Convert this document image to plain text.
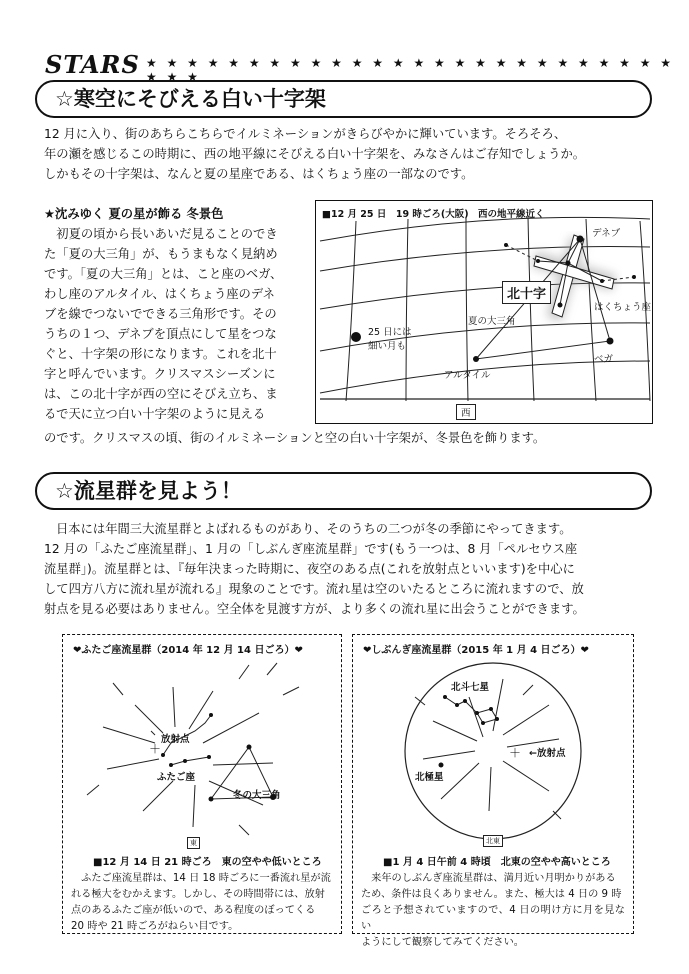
STARS ★ ★ ★ ★ ★ ★ ★ ★ ★ ★ ★ ★ ★ ★ ★ ★ ★ ★ ★ ★ ★ ★ ★ ★ ★ ★ ★ ★ ★
☆寒空にそびえる白い十字架
12 月に入り、街のあちらこちらでイルミネーションがきらびやかに輝いています。そろそろ、
年の瀬を感じるこの時期に、西の地平線にそびえる白い十字架を、みなさんはご存知でしょうか。
しかもその十字架は、なんと夏の星座である、はくちょう座の一部なのです。
★沈みゆく 夏の星が飾る 冬景色
　初夏の頃から長いあいだ見ることのでき
た「夏の大三角」が、もうまもなく見納め
です。「夏の大三角」とは、こと座のベガ、
わし座のアルタイル、はくちょう座のデネ
ブを線でつないでできる三角形です。その
うちの１つ、デネブを頂点にして星をつな
ぐと、十字架の形になります。これを北十
字と呼んでいます。クリスマスシーズンに
は、この北十字が西の空にそびえ立ち、ま
るで天に立つ白い十字架のように見える
のです。クリスマスの頃、街のイルミネーションと空の白い十字架が、冬景色を飾ります。
■12 月 25 日　19 時ごろ(大阪)　西の地平線近く
デネブ
はくちょう座
北十字
夏の大三角
ベガ
アルタイル
25 日には
細い月も
西
☆流星群を見よう！
日本には年間三大流星群とよばれるものがあり、そのうちの二つが冬の季節にやってきます。
12 月の「ふたご座流星群」、1 月の「しぶんぎ座流星群」です(もう一つは、8 月「ペルセウス座
流星群」)。流星群とは、『毎年決まった時期に、夜空のある点(これを放射点といいます)を中心に
して四方八方に流れ星が流れる』現象のことです。流れ星は空のいたるところに流れますので、放
射点を見る必要はありません。空全体を見渡す方が、より多くの流れ星に出会うことができます。
❤ふたご座流星群（2014 年 12 月 14 日ごろ）❤
＋
放射点
ふたご座
冬の大三角
東
■12 月 14 日 21 時ごろ　東の空やや低いところ
　ふたご座流星群は、14 日 18 時ごろに一番流れ星が流
れる極大をむかえます。しかし、その時間帯には、放射
点のあるふたご座が低いので、ある程度のぼってくる
20 時や 21 時ごろがねらい目です。
❤しぶんぎ座流星群（2015 年 1 月 4 日ごろ）❤
＋
北斗七星
←放射点
北極星
北東
■1 月 4 日午前 4 時頃　北東の空やや高いところ
　来年のしぶんぎ座流星群は、満月近い月明かりがある
ため、条件は良くありません。また、極大は 4 日の 9 時
ごろと予想されていますので、4 日の明け方に月を見ない
ようにして観察してみてください。
